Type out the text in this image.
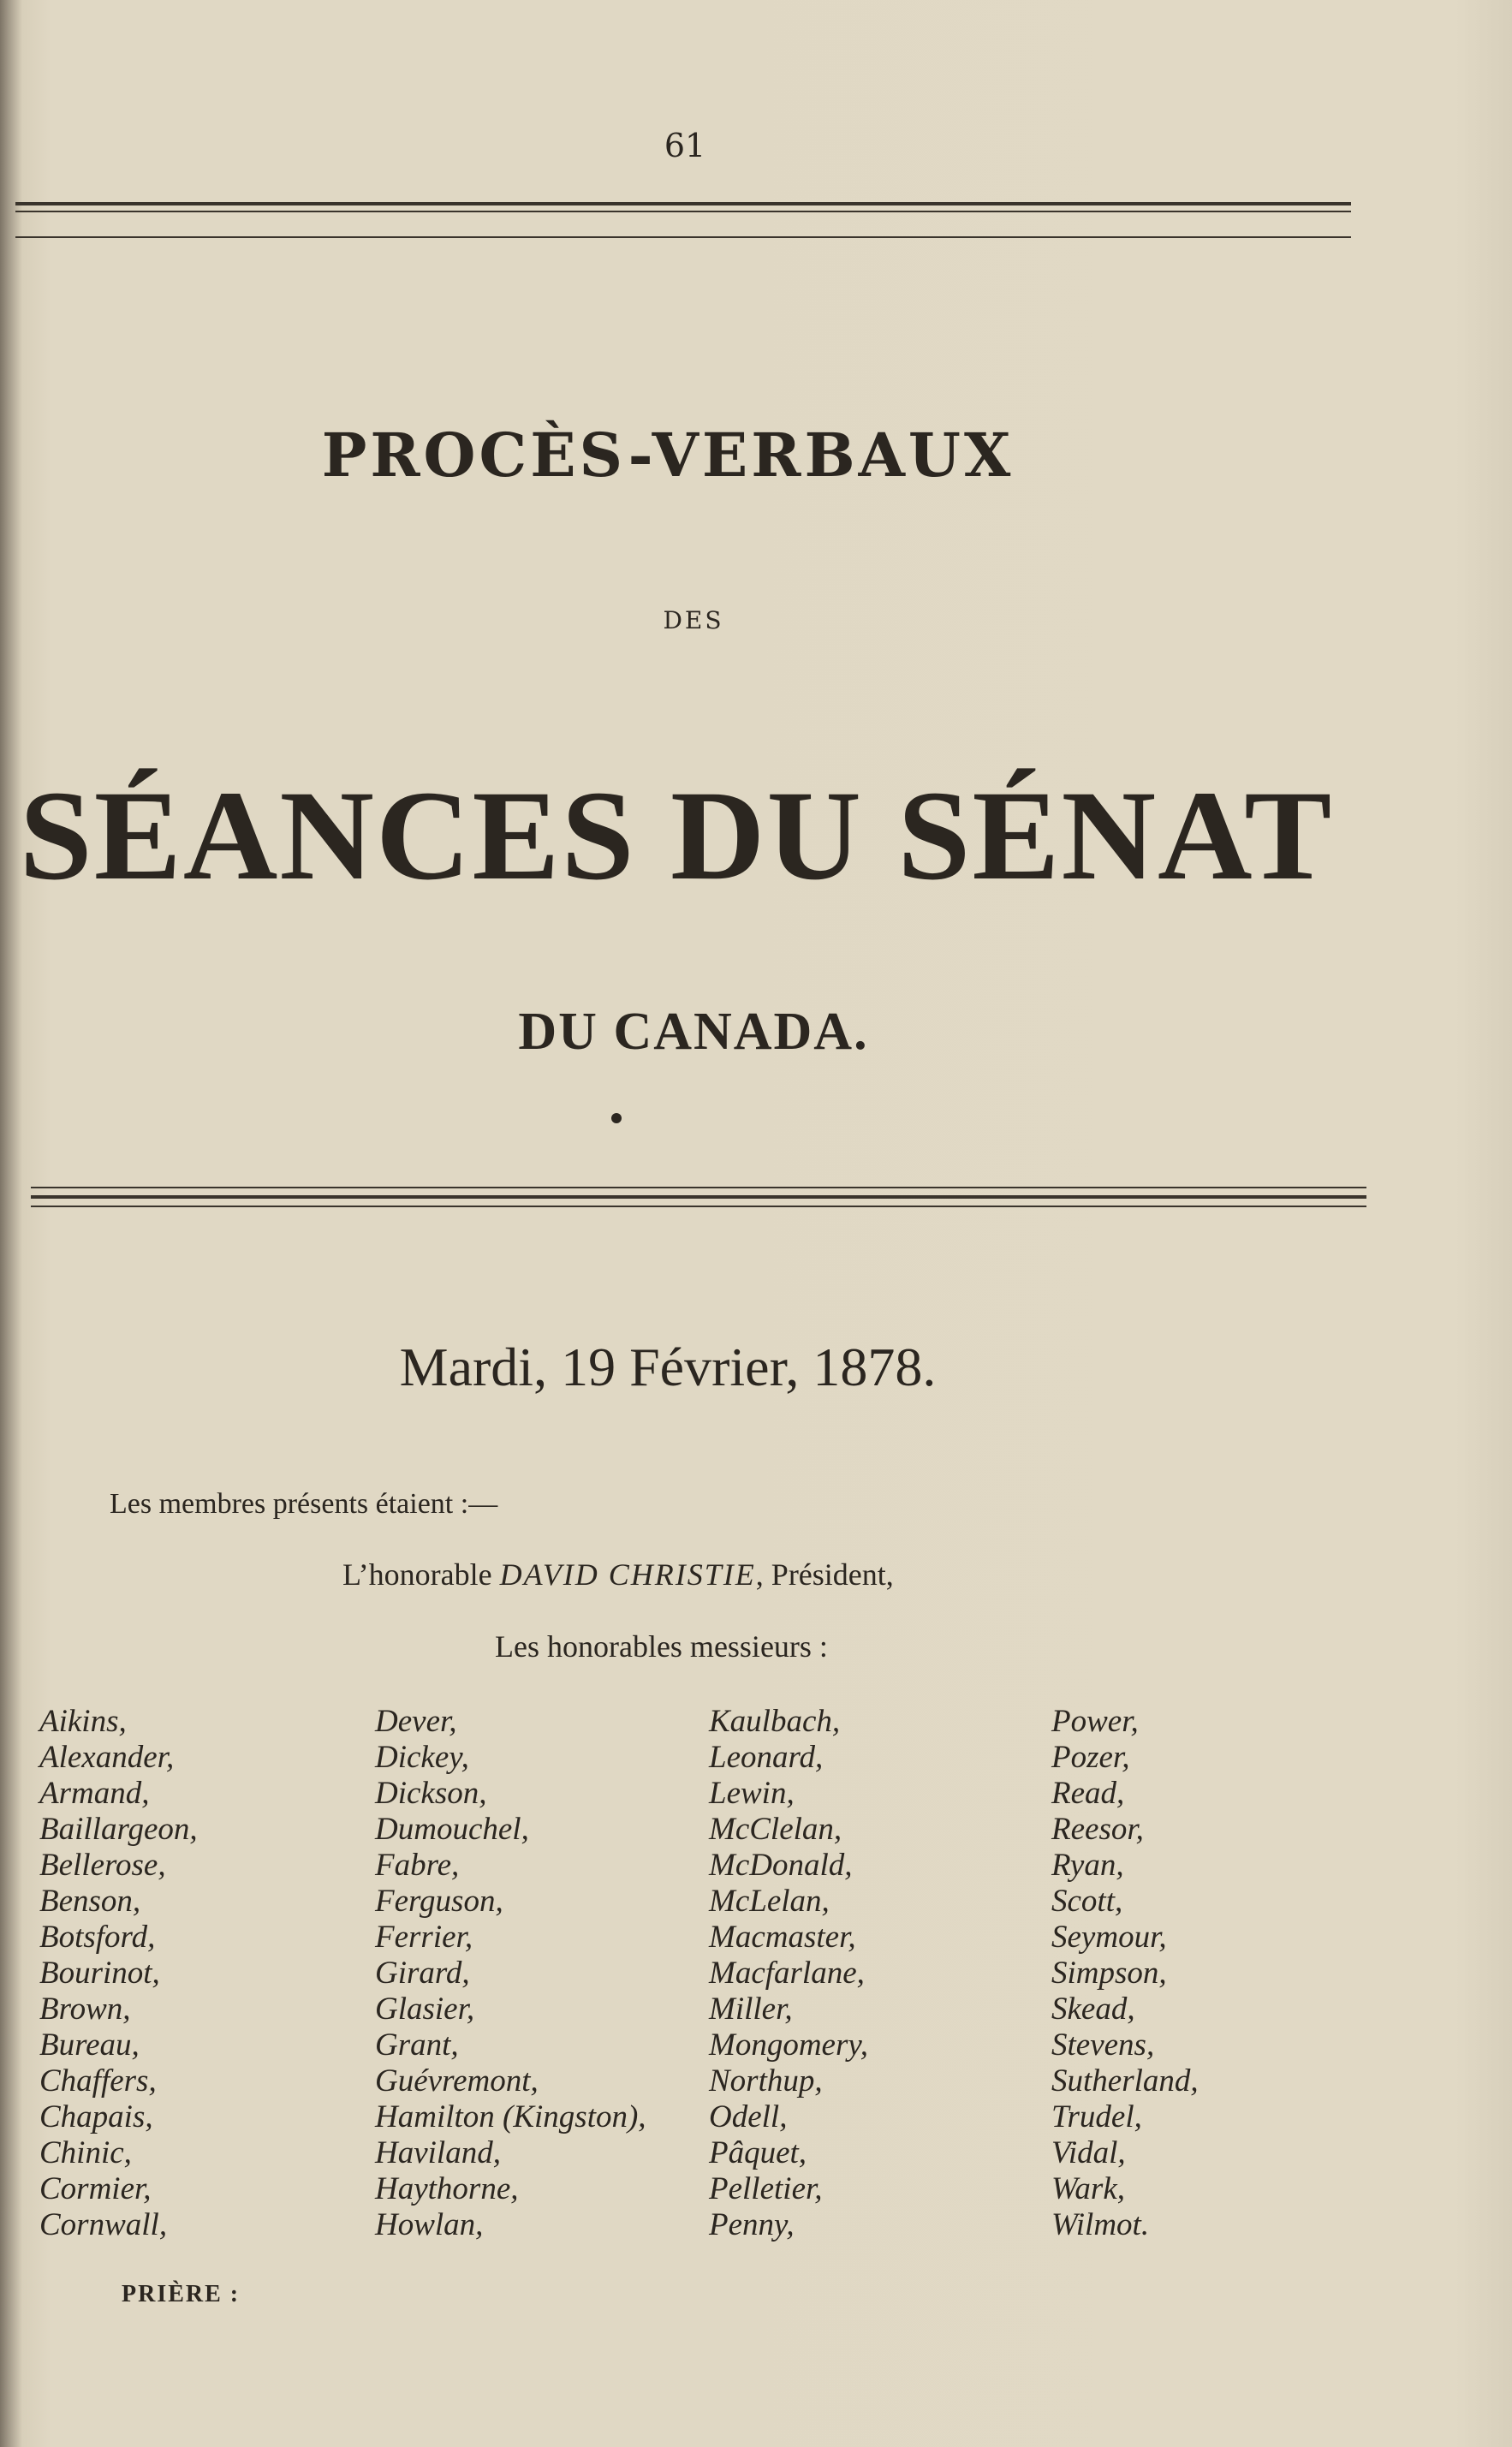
61
PROCÈS-VERBAUX
DES
SÉANCES DU SÉNAT
DU CANADA.
Mardi, 19 Février, 1878.
Les membres présents étaient :—
L’honorable DAVID CHRISTIE, Président,
Les honorables messieurs :
Aikins,
Alexander,
Armand,
Baillargeon,
Bellerose,
Benson,
Botsford,
Bourinot,
Brown,
Bureau,
Chaffers,
Chapais,
Chinic,
Cormier,
Cornwall,
Dever,
Dickey,
Dickson,
Dumouchel,
Fabre,
Ferguson,
Ferrier,
Girard,
Glasier,
Grant,
Guévremont,
Hamilton (Kingston),
Haviland,
Haythorne,
Howlan,
Kaulbach,
Leonard,
Lewin,
McClelan,
McDonald,
McLelan,
Macmaster,
Macfarlane,
Miller,
Mongomery,
Northup,
Odell,
Pâquet,
Pelletier,
Penny,
Power,
Pozer,
Read,
Reesor,
Ryan,
Scott,
Seymour,
Simpson,
Skead,
Stevens,
Sutherland,
Trudel,
Vidal,
Wark,
Wilmot.
PRIÈRE :
